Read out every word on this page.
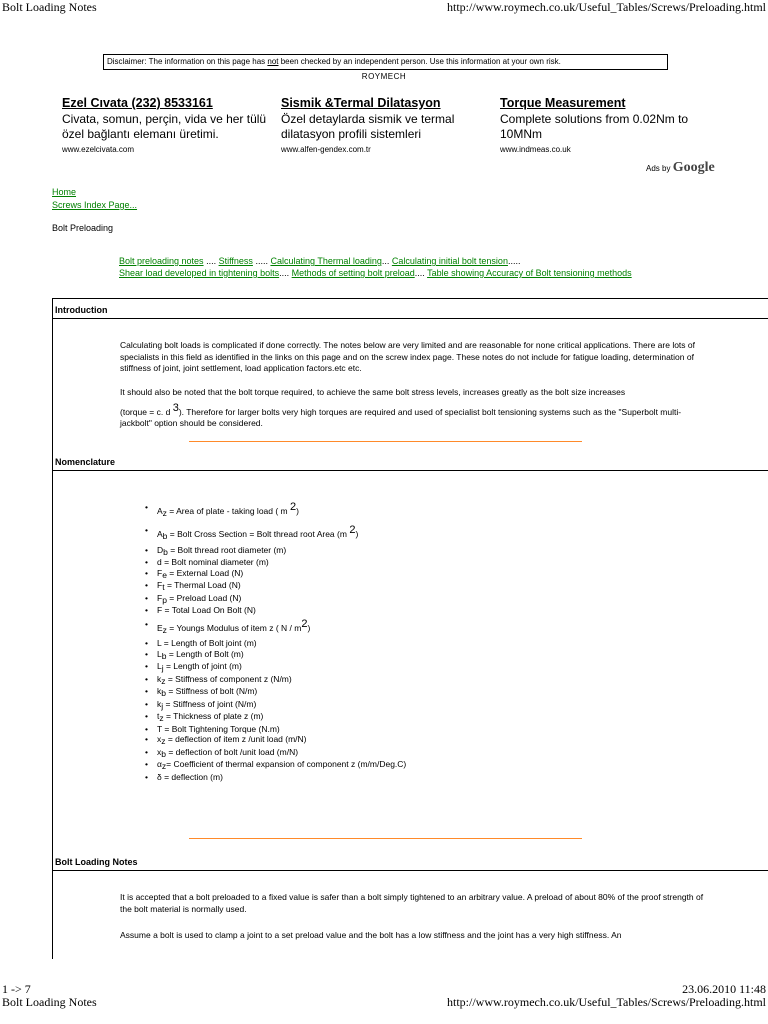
Bolt Loading Notes	http://www.roymech.co.uk/Useful_Tables/Screws/Preloading.html
Disclaimer: The information on this page has not been checked by an independent person. Use this information at your own risk.
ROYMECH
Ezel Cıvata (232) 8533161
Civata, somun, perçin, vida ve her tülü özel bağlantı elemanı üretimi.
www.ezelcivata.com
Sismik &Termal Dilatasyon
Özel detaylarda sismik ve termal dilatasyon profili sistemleri
www.alfen-gendex.com.tr
Torque Measurement
Complete solutions from 0.02Nm to 10MNm
www.indmeas.co.uk
Ads by Google
Home
Screws Index Page...
Bolt Preloading
Bolt preloading notes .... Stiffness ..... Calculating Thermal loading... Calculating initial bolt tension.....
Shear load developed in tightening bolts.... Methods of setting bolt preload.... Table showing Accuracy of Bolt tensioning methods
Introduction
Calculating bolt loads is complicated if done correctly. The notes below are very limited and are reasonable for none critical applications. There are lots of specialists in this field as identified in the links on this page and on the screw index page. These notes do not include for fatigue loading, determination of stiffness of joint, joint settlement, load application factors.etc etc.
It should also be noted that the bolt torque required, to achieve the same bolt stress levels, increases greatly as the bolt size increases
(torque = c. d $^3$). Therefore for larger bolts very high torques are required and used of specialist bolt tensioning systems such as the "Superbolt multi-jackbolt" option should be considered.
Nomenclature
• $A_z$ = Area of plate - taking load ( m $^2$)
• $A_b$ = Bolt Cross Section = Bolt thread root Area (m $^2$)
• $D_b$ = Bolt thread root diameter (m)
• d = Bolt nominal diameter (m)
• $F_e$ = External Load (N)
• $F_t$ = Thermal Load (N)
• $F_p$ = Preload Load (N)
• F = Total Load On Bolt (N)
• $E_z$ = Youngs Modulus of item z ( N / $m^2$)
• L = Length of Bolt joint (m)
• $L_b$ = Length of Bolt (m)
• $L_j$ = Length of joint (m)
• $k_z$ = Stiffness of component z (N/m)
• $k_b$ = Stiffness of bolt (N/m)
• $k_j$ = Stiffness of joint (N/m)
• $t_z$ = Thickness of plate z (m)
• T = Bolt Tightening Torque (N.m)
• $x_z$ = deflection of item z /unit load (m/N)
• $x_b$ = deflection of bolt /unit load (m/N)
• $\alpha_z=$ Coefficient of thermal expansion of component z (m/m/Deg.C)
• δ = deflection (m)
Bolt Loading Notes
It is accepted that a bolt preloaded to a fixed value is safer than a bolt simply tightened to an arbitrary value. A preload of about 80% of the proof strength of the bolt material is normally used.
Assume a bolt is used to clamp a joint to a set preload value and the bolt has a low stiffness and the joint has a very high stiffness. An
1 -> 7
Bolt Loading Notes
23.06.2010 11:48
http://www.roymech.co.uk/Useful_Tables/Screws/Preloading.html
